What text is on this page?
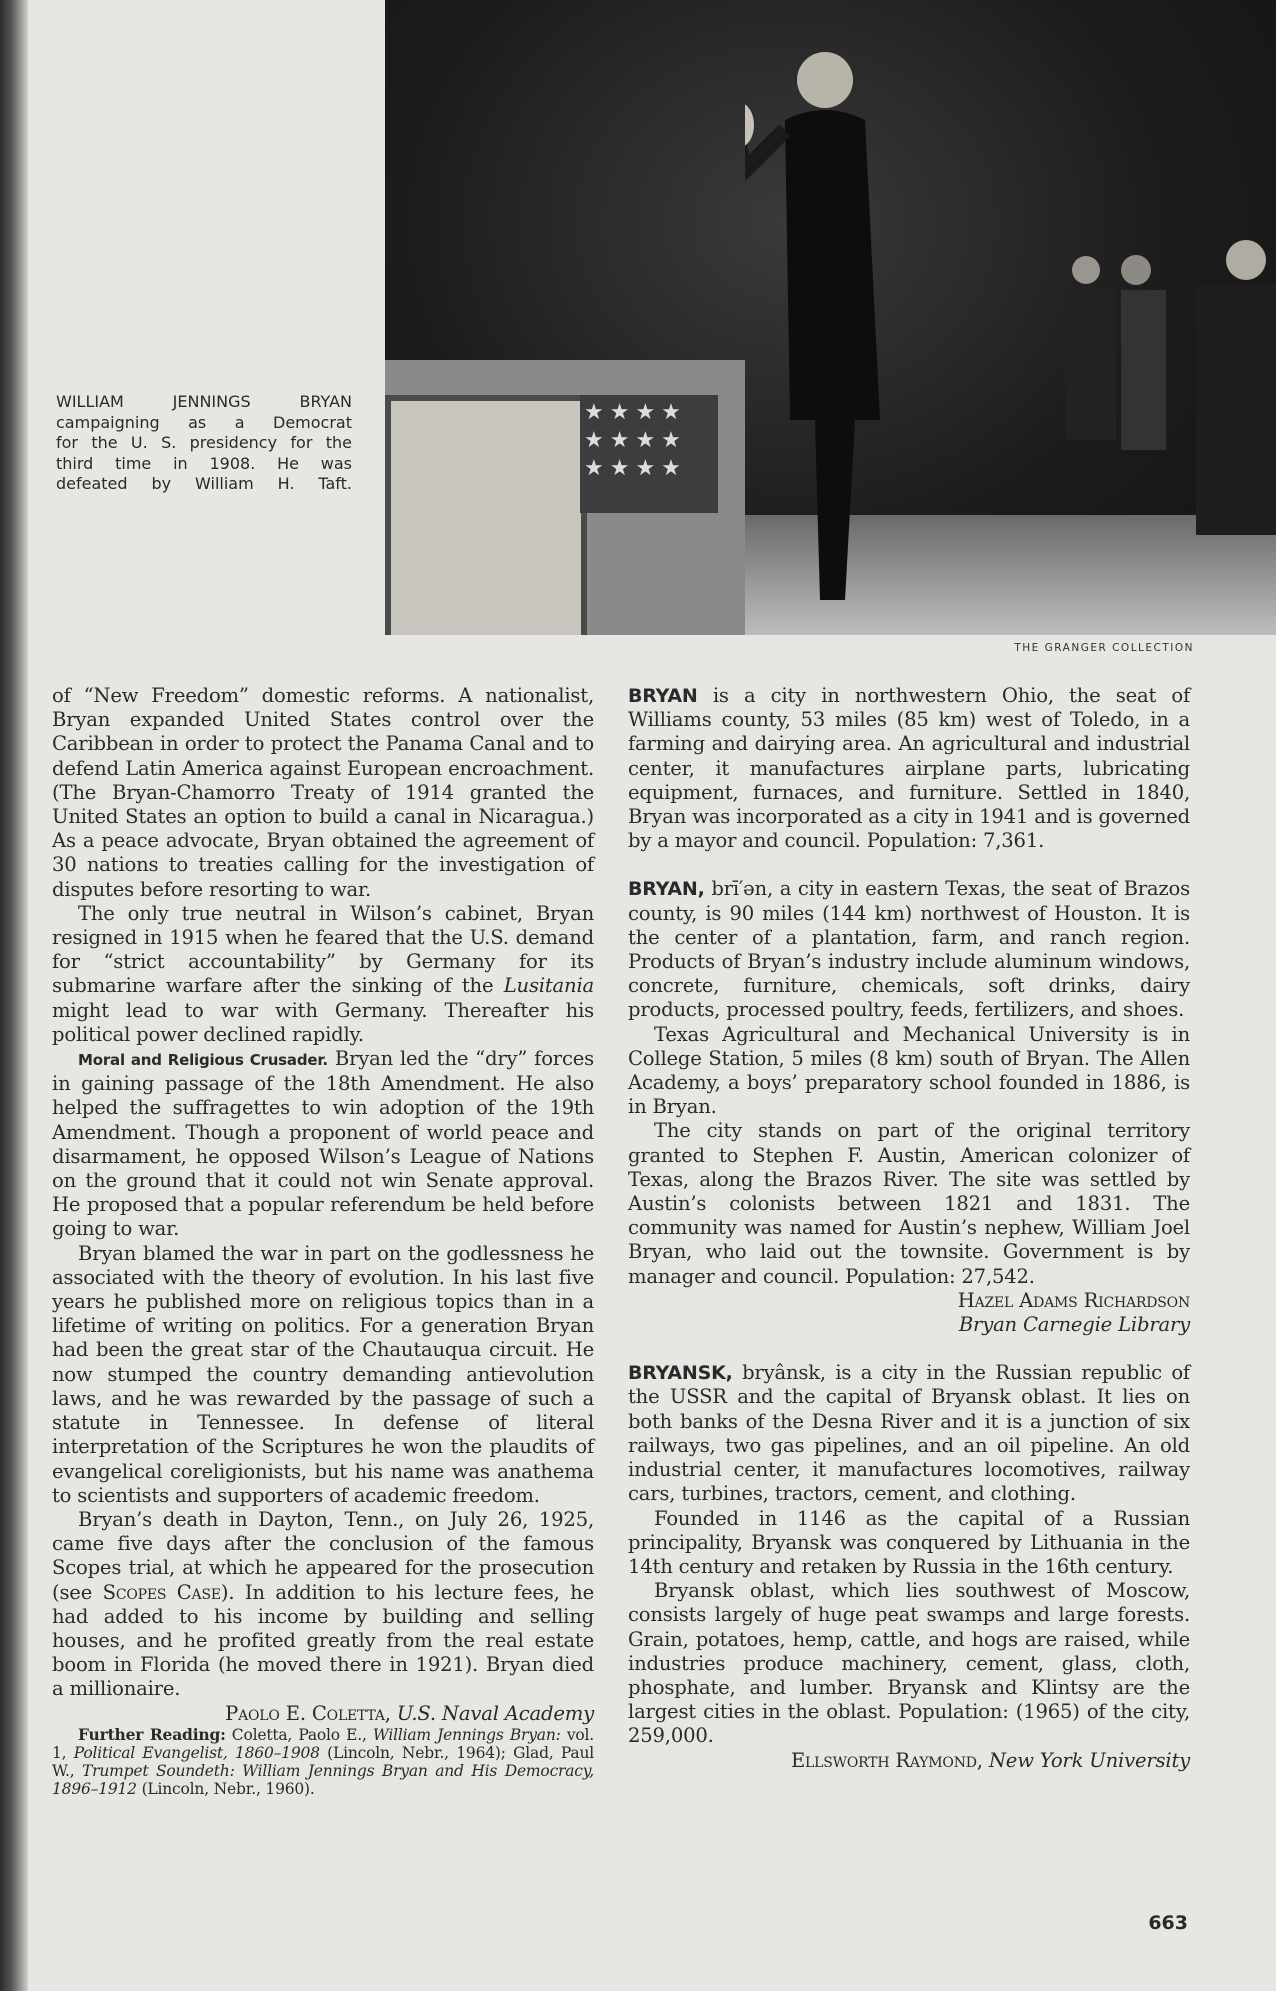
★★★★
★★★★
★★★★
WILLIAM JENNINGS BRYAN
campaigning as a Democrat
for the U. S. presidency for the
third time in 1908. He was
defeated by William H. Taft.
THE GRANGER COLLECTION

of “New Freedom” domestic reforms. A nationalist, Bryan expanded United States control over the Caribbean in order to protect the Panama Canal and to defend Latin America against European encroachment. (The Bryan-Chamorro Treaty of 1914 granted the United States an option to build a canal in Nicaragua.) As a peace advocate, Bryan obtained the agreement of 30 nations to treaties calling for the investigation of disputes before resorting to war.

The only true neutral in Wilson’s cabinet, Bryan resigned in 1915 when he feared that the U.S. demand for “strict accountability” by Germany for its submarine warfare after the sinking of the Lusitania might lead to war with Germany. Thereafter his political power declined rapidly.

Moral and Religious Crusader. Bryan led the “dry” forces in gaining passage of the 18th Amendment. He also helped the suffragettes to win adoption of the 19th Amendment. Though a proponent of world peace and disarmament, he opposed Wilson’s League of Nations on the ground that it could not win Senate approval. He proposed that a popular referendum be held before going to war.

Bryan blamed the war in part on the godlessness he associated with the theory of evolution. In his last five years he published more on religious topics than in a lifetime of writing on politics. For a generation Bryan had been the great star of the Chautauqua circuit. He now stumped the country demanding antievolution laws, and he was rewarded by the passage of such a statute in Tennessee. In defense of literal interpretation of the Scriptures he won the plaudits of evangelical coreligionists, but his name was anathema to scientists and supporters of academic freedom.

Bryan’s death in Dayton, Tenn., on July 26, 1925, came five days after the conclusion of the famous Scopes trial, at which he appeared for the prosecution (see Scopes Case). In addition to his lecture fees, he had added to his income by building and selling houses, and he profited greatly from the real estate boom in Florida (he moved there in 1921). Bryan died a millionaire.

Paolo E. Coletta, U.S. Naval Academy

Further Reading: Coletta, Paolo E., William Jennings Bryan: vol. 1, Political Evangelist, 1860–1908 (Lincoln, Nebr., 1964); Glad, Paul W., Trumpet Soundeth: William Jennings Bryan and His Democracy, 1896–1912 (Lincoln, Nebr., 1960).

BRYAN is a city in northwestern Ohio, the seat of Williams county, 53 miles (85 km) west of Toledo, in a farming and dairying area. An agricultural and industrial center, it manufactures airplane parts, lubricating equipment, furnaces, and furniture. Settled in 1840, Bryan was incorporated as a city in 1941 and is governed by a mayor and council. Population: 7,361.

BRYAN, brī′ən, a city in eastern Texas, the seat of Brazos county, is 90 miles (144 km) northwest of Houston. It is the center of a plantation, farm, and ranch region. Products of Bryan’s industry include aluminum windows, concrete, furniture, chemicals, soft drinks, dairy products, processed poultry, feeds, fertilizers, and shoes.

Texas Agricultural and Mechanical University is in College Station, 5 miles (8 km) south of Bryan. The Allen Academy, a boys’ preparatory school founded in 1886, is in Bryan.

The city stands on part of the original territory granted to Stephen F. Austin, American colonizer of Texas, along the Brazos River. The site was settled by Austin’s colonists between 1821 and 1831. The community was named for Austin’s nephew, William Joel Bryan, who laid out the townsite. Government is by manager and council. Population: 27,542.

Hazel Adams Richardson

Bryan Carnegie Library

BRYANSK, bryânsk, is a city in the Russian republic of the USSR and the capital of Bryansk oblast. It lies on both banks of the Desna River and it is a junction of six railways, two gas pipelines, and an oil pipeline. An old industrial center, it manufactures locomotives, railway cars, turbines, tractors, cement, and clothing.

Founded in 1146 as the capital of a Russian principality, Bryansk was conquered by Lithuania in the 14th century and retaken by Russia in the 16th century.

Bryansk oblast, which lies southwest of Moscow, consists largely of huge peat swamps and large forests. Grain, potatoes, hemp, cattle, and hogs are raised, while industries produce machinery, cement, glass, cloth, phosphate, and lumber. Bryansk and Klintsy are the largest cities in the oblast. Population: (1965) of the city, 259,000.

Ellsworth Raymond, New York University

663
